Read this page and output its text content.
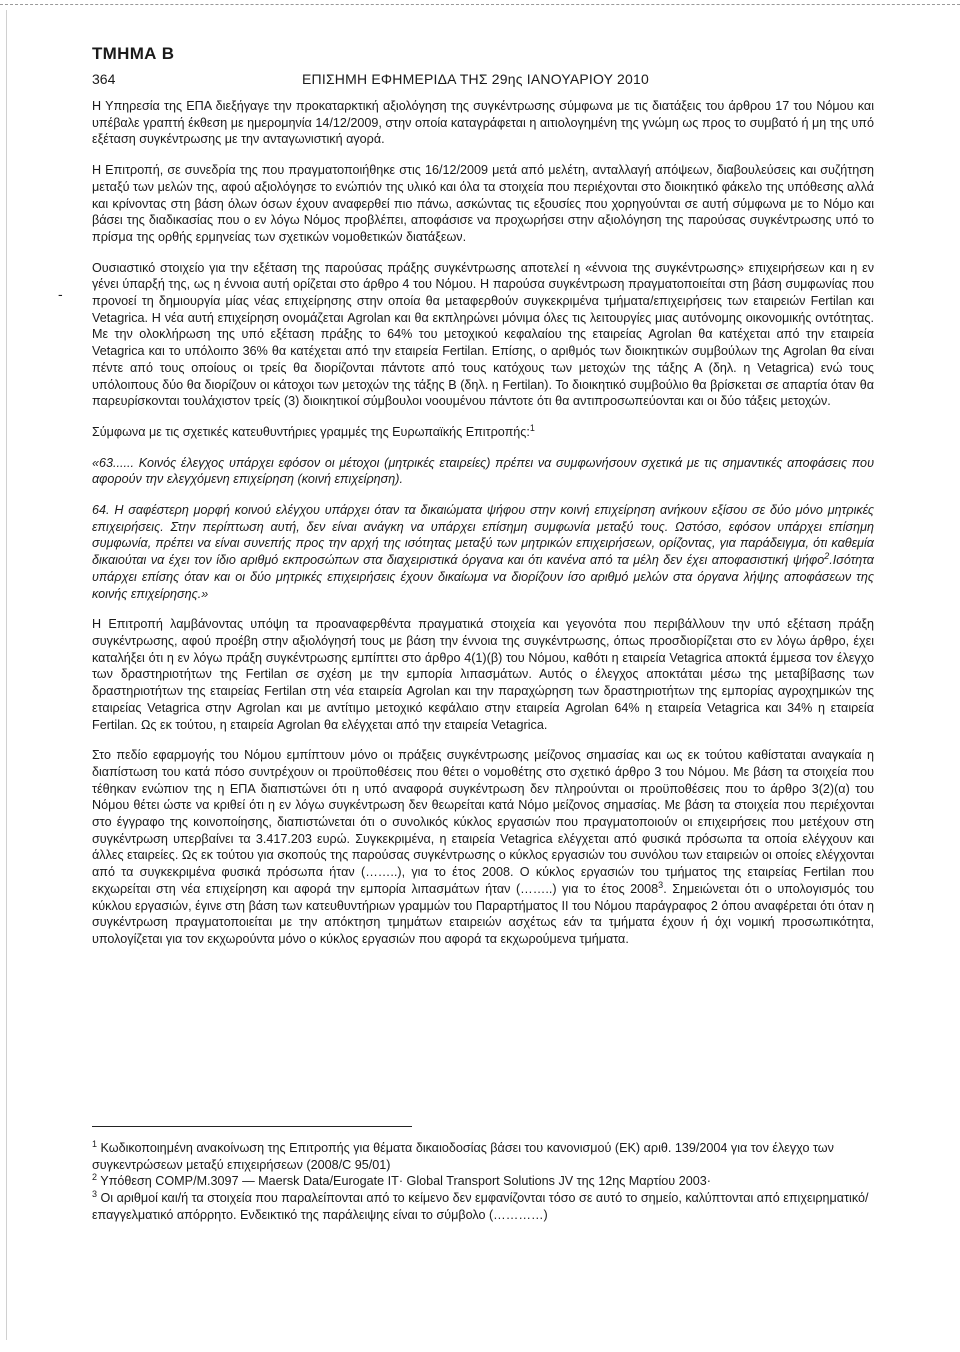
ΤΜΗΜΑ Β
364	ΕΠΙΣΗΜΗ ΕΦΗΜΕΡΙΔΑ ΤΗΣ 29ης ΙΑΝΟΥΑΡΙΟΥ 2010
-

Η Υπηρεσία της ΕΠΑ διεξήγαγε την προκαταρκτική αξιολόγηση της συγκέντρωσης σύμφωνα με τις διατάξεις του άρθρου 17 του Νόμου και υπέβαλε γραπτή έκθεση με ημερομηνία 14/12/2009, στην οποία καταγράφεται η αιτιολογημένη της γνώμη ως προς το συμβατό ή μη της υπό εξέταση συγκέντρωσης με την ανταγωνιστική αγορά.

Η Επιτροπή, σε συνεδρία της που πραγματοποιήθηκε στις 16/12/2009 μετά από μελέτη, ανταλλαγή απόψεων, διαβουλεύσεις και συζήτηση μεταξύ των μελών της, αφού αξιολόγησε το ενώπιόν της υλικό και όλα τα στοιχεία που περιέχονται στο διοικητικό φάκελο της υπόθεσης αλλά και κρίνοντας στη βάση όλων όσων έχουν αναφερθεί πιο πάνω, ασκώντας τις εξουσίες που χορηγούνται σε αυτή σύμφωνα με το Νόμο και βάσει της διαδικασίας που ο εν λόγω Νόμος προβλέπει, αποφάσισε να προχωρήσει στην αξιολόγηση της παρούσας συγκέντρωσης υπό το πρίσμα της ορθής ερμηνείας των σχετικών νομοθετικών διατάξεων.

Ουσιαστικό στοιχείο για την εξέταση της παρούσας πράξης συγκέντρωσης αποτελεί η «έννοια της συγκέντρωσης» επιχειρήσεων και η εν γένει ύπαρξή της, ως η έννοια αυτή ορίζεται στο άρθρο 4 του Νόμου. Η παρούσα συγκέντρωση πραγματοποιείται στη βάση συμφωνίας που προνοεί τη δημιουργία μίας νέας επιχείρησης στην οποία θα μεταφερθούν συγκεκριμένα τμήματα/επιχειρήσεις των εταιρειών Fertilan και Vetagrica. Η νέα αυτή επιχείρηση ονομάζεται Agrolan και θα εκπληρώνει μόνιμα όλες τις λειτουργίες μιας αυτόνομης οικονομικής οντότητας. Με την ολοκλήρωση της υπό εξέταση πράξης το 64% του μετοχικού κεφαλαίου της εταιρείας Agrolan θα κατέχεται από την εταιρεία Vetagrica και το υπόλοιπο 36% θα κατέχεται από την εταιρεία Fertilan. Επίσης, ο αριθμός των διοικητικών συμβούλων της Agrolan θα είναι πέντε από τους οποίους οι τρείς θα διορίζονται πάντοτε από τους κατόχους των μετοχών της τάξης Α (δηλ. η Vetagrica) ενώ τους υπόλοιπους δύο θα διορίζουν οι κάτοχοι των μετοχών της τάξης Β (δηλ. η Fertilan). Το διοικητικό συμβούλιο θα βρίσκεται σε απαρτία όταν θα παρευρίσκονται τουλάχιστον τρείς (3) διοικητικοί σύμβουλοι νοουμένου πάντοτε ότι θα αντιπροσωπεύονται και οι δύο τάξεις μετοχών.

Σύμφωνα με τις σχετικές κατευθυντήριες γραμμές της Ευρωπαϊκής Επιτροπής:$^1$

«63...... Κοινός έλεγχος υπάρχει εφόσον οι μέτοχοι (μητρικές εταιρείες) πρέπει να συμφωνήσουν σχετικά με τις σημαντικές αποφάσεις που αφορούν την ελεγχόμενη επιχείρηση (κοινή επιχείρηση).

64. Η σαφέστερη μορφή κοινού ελέγχου υπάρχει όταν τα δικαιώματα ψήφου στην κοινή επιχείρηση ανήκουν εξίσου σε δύο μόνο μητρικές επιχειρήσεις. Στην περίπτωση αυτή, δεν είναι ανάγκη να υπάρχει επίσημη συμφωνία μεταξύ τους. Ωστόσο, εφόσον υπάρχει επίσημη συμφωνία, πρέπει να είναι συνεπής προς την αρχή της ισότητας μεταξύ των μητρικών επιχειρήσεων, ορίζοντας, για παράδειγμα, ότι καθεμία δικαιούται να έχει τον ίδιο αριθμό εκπροσώπων στα διαχειριστικά όργανα και ότι κανένα από τα μέλη δεν έχει αποφασιστική ψήφο$^2$.Ισότητα υπάρχει επίσης όταν και οι δύο μητρικές επιχειρήσεις έχουν δικαίωμα να διορίζουν ίσο αριθμό μελών στα όργανα λήψης αποφάσεων της κοινής επιχείρησης.»

Η Επιτροπή λαμβάνοντας υπόψη τα προαναφερθέντα πραγματικά στοιχεία και γεγονότα που περιβάλλουν την υπό εξέταση πράξη συγκέντρωσης, αφού προέβη στην αξιολόγησή τους με βάση την έννοια της συγκέντρωσης, όπως προσδιορίζεται στο εν λόγω άρθρο, έχει καταλήξει ότι η εν λόγω πράξη συγκέντρωσης εμπίπτει στο άρθρο 4(1)(β) του Νόμου, καθότι η εταιρεία Vetagrica αποκτά έμμεσα τον έλεγχο των δραστηριοτήτων της Fertilan σε σχέση με την εμπορία λιπασμάτων. Αυτός ο έλεγχος αποκτάται μέσω της μεταβίβασης των δραστηριοτήτων της εταιρείας Fertilan στη νέα εταιρεία Agrolan και την παραχώρηση των δραστηριοτήτων της εμπορίας αγροχημικών της εταιρείας Vetagrica στην Agrolan και με αντίτιμο μετοχικό κεφάλαιο στην εταιρεία Agrolan 64% η εταιρεία Vetagrica και 34% η εταιρεία Fertilan. Ως εκ τούτου, η εταιρεία Agrolan θα ελέγχεται από την εταιρεία Vetagrica.

Στο πεδίο εφαρμογής του Νόμου εμπίπτουν μόνο οι πράξεις συγκέντρωσης μείζονος σημασίας και ως εκ τούτου καθίσταται αναγκαία η διαπίστωση του κατά πόσο συντρέχουν οι προϋποθέσεις που θέτει ο νομοθέτης στο σχετικό άρθρο 3 του Νόμου. Με βάση τα στοιχεία που τέθηκαν ενώπιον της η ΕΠΑ διαπιστώνει ότι η υπό αναφορά συγκέντρωση δεν πληρούνται οι προϋποθέσεις που το άρθρο 3(2)(α) του Νόμου θέτει ώστε να κριθεί ότι η εν λόγω συγκέντρωση δεν θεωρείται κατά Νόμο μείζονος σημασίας. Με βάση τα στοιχεία που περιέχονται στο έγγραφο της κοινοποίησης, διαπιστώνεται ότι ο συνολικός κύκλος εργασιών που πραγματοποιούν οι επιχειρήσεις που μετέχουν στη συγκέντρωση υπερβαίνει τα 3.417.203 ευρώ. Συγκεκριμένα, η εταιρεία Vetagrica ελέγχεται από φυσικά πρόσωπα τα οποία ελέγχουν και άλλες εταιρείες. Ως εκ τούτου για σκοπούς της παρούσας συγκέντρωσης ο κύκλος εργασιών του συνόλου των εταιρειών οι οποίες ελέγχονται από τα συγκεκριμένα φυσικά πρόσωπα ήταν (……..), για το έτος 2008. Ο κύκλος εργασιών του τμήματος της εταιρείας Fertilan που εκχωρείται στη νέα επιχείρηση και αφορά την εμπορία λιπασμάτων ήταν (……..) για το έτος 2008$^3$. Σημειώνεται ότι ο υπολογισμός του κύκλου εργασιών, έγινε στη βάση των κατευθυντήριων γραμμών του Παραρτήματος ΙΙ του Νόμου παράγραφος 2 όπου αναφέρεται ότι όταν η συγκέντρωση πραγματοποιείται με την απόκτηση τμημάτων εταιρειών ασχέτως εάν τα τμήματα έχουν ή όχι νομική προσωπικότητα, υπολογίζεται για τον εκχωρούντα μόνο ο κύκλος εργασιών που αφορά τα εκχωρούμενα τμήματα.

$^1$ Κωδικοποιημένη ανακοίνωση της Επιτροπής για θέματα δικαιοδοσίας βάσει του κανονισμού (ΕΚ) αριθ. 139/2004 για τον έλεγχο των συγκεντρώσεων μεταξύ επιχειρήσεων (2008/C 95/01)

$^2$ Υπόθεση COMP/M.3097 — Maersk Data/Eurogate IT· Global Transport Solutions JV της 12ης Μαρτίου 2003·

$^3$ Οι αριθμοί και/ή τα στοιχεία που παραλείπονται από το κείμενο δεν εμφανίζονται τόσο σε αυτό το σημείο, καλύπτονται από επιχειρηματικό/επαγγελματικό απόρρητο. Ενδεικτικό της παράλειψης είναι το σύμβολο (…………)
